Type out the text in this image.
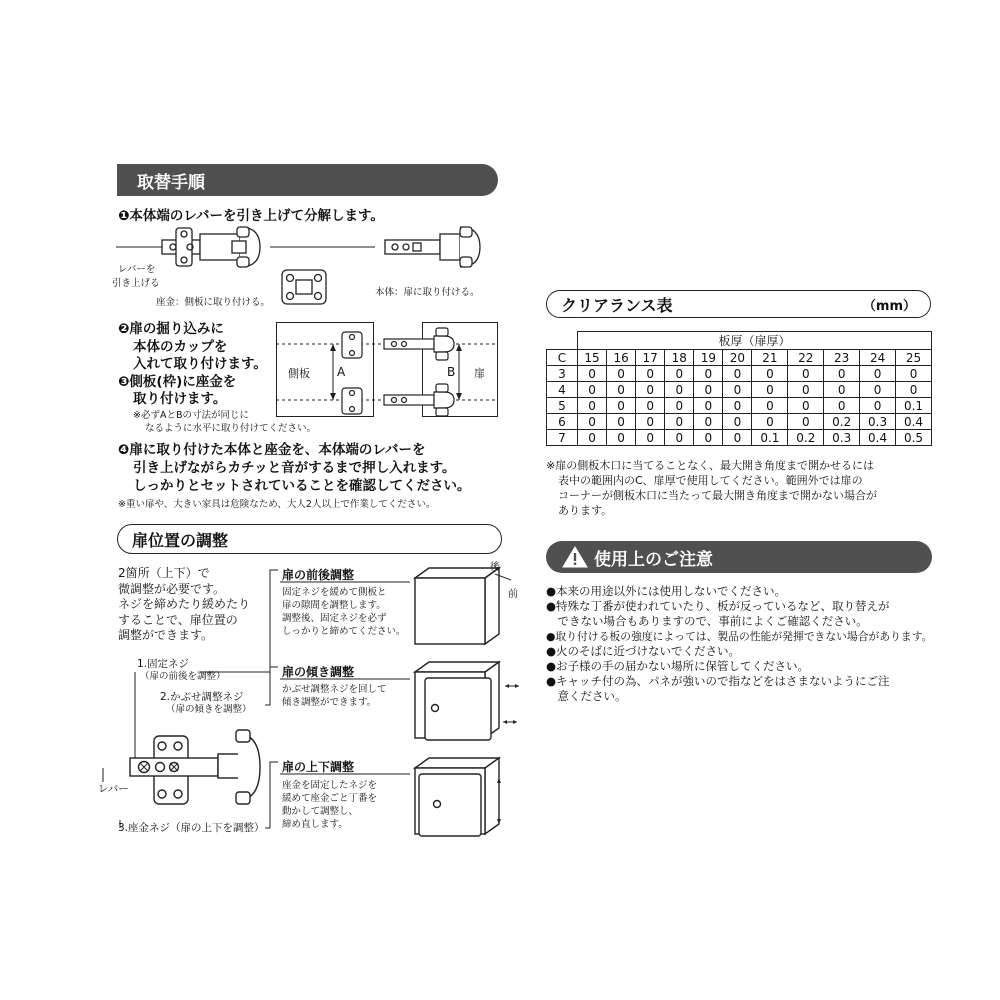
取替手順
❶本体端のレバーを引き上げて分解します。
レバーを
引き上げる
座金：側板に取り付ける。
本体：扉に取り付ける。
❷扉の掘り込みに
本体のカップを
入れて取り付けます。
❸側板(枠)に座金を
取り付けます。
※必ずAとBの寸法が同じに
なるように水平に取り付けてください。
側板 A	B 扉
❹扉に取り付けた本体と座金を、本体端のレバーを
引き上げながらカチッと音がするまで押し入れます。
しっかりとセットされていることを確認してください。
※重い扉や、大きい家具は危険なため、大人2人以上で作業してください。
扉位置の調整
2箇所（上下）で
微調整が必要です。
ネジを締めたり緩めたり
することで、扉位置の
調整ができます。
1.固定ネジ
（扉の前後を調整）
2.かぶせ調整ネジ
（扉の傾きを調整）
レバー
3.座金ネジ（扉の上下を調整）
扉の前後調整
固定ネジを緩めて側板と
扉の隙間を調整します。
調整後、固定ネジを必ず
しっかりと締めてください。
扉の傾き調整
かぶせ調整ネジを回して
傾き調整ができます。
扉の上下調整
座金を固定したネジを
緩めて座金ごと丁番を
動かして調整し、
締め直します。
後
前
クリアランス表	（mm）
	板厚（扉厚）										
C	15	16	17	18	19	20	21	22	23	24	25
3	0	0	0	0	0	0	0	0	0	0	0
4	0	0	0	0	0	0	0	0	0	0	0
5	0	0	0	0	0	0	0	0	0	0	0.1
6	0	0	0	0	0	0	0	0	0.2	0.3	0.4
7	0	0	0	0	0	0	0.1	0.2	0.3	0.4	0.5
※扉の側板木口に当てることなく、最大開き角度まで開かせるには
表中の範囲内のC、扉厚で使用してください。範囲外では扉の
コーナーが側板木口に当たって最大開き角度まで開かない場合が
あります。
使用上のご注意
●本来の用途以外には使用しないでください。
●特殊な丁番が使われていたり、板が反っているなど、取り替えが
　できない場合もありますので、事前によくご確認ください。
●取り付ける板の強度によっては、製品の性能が発揮できない場合があります。
●火のそばに近づけないでください。
●お子様の手の届かない場所に保管してください。
●キャッチ付の為、パネが強いので指などをはさまないようにご注
　意ください。
